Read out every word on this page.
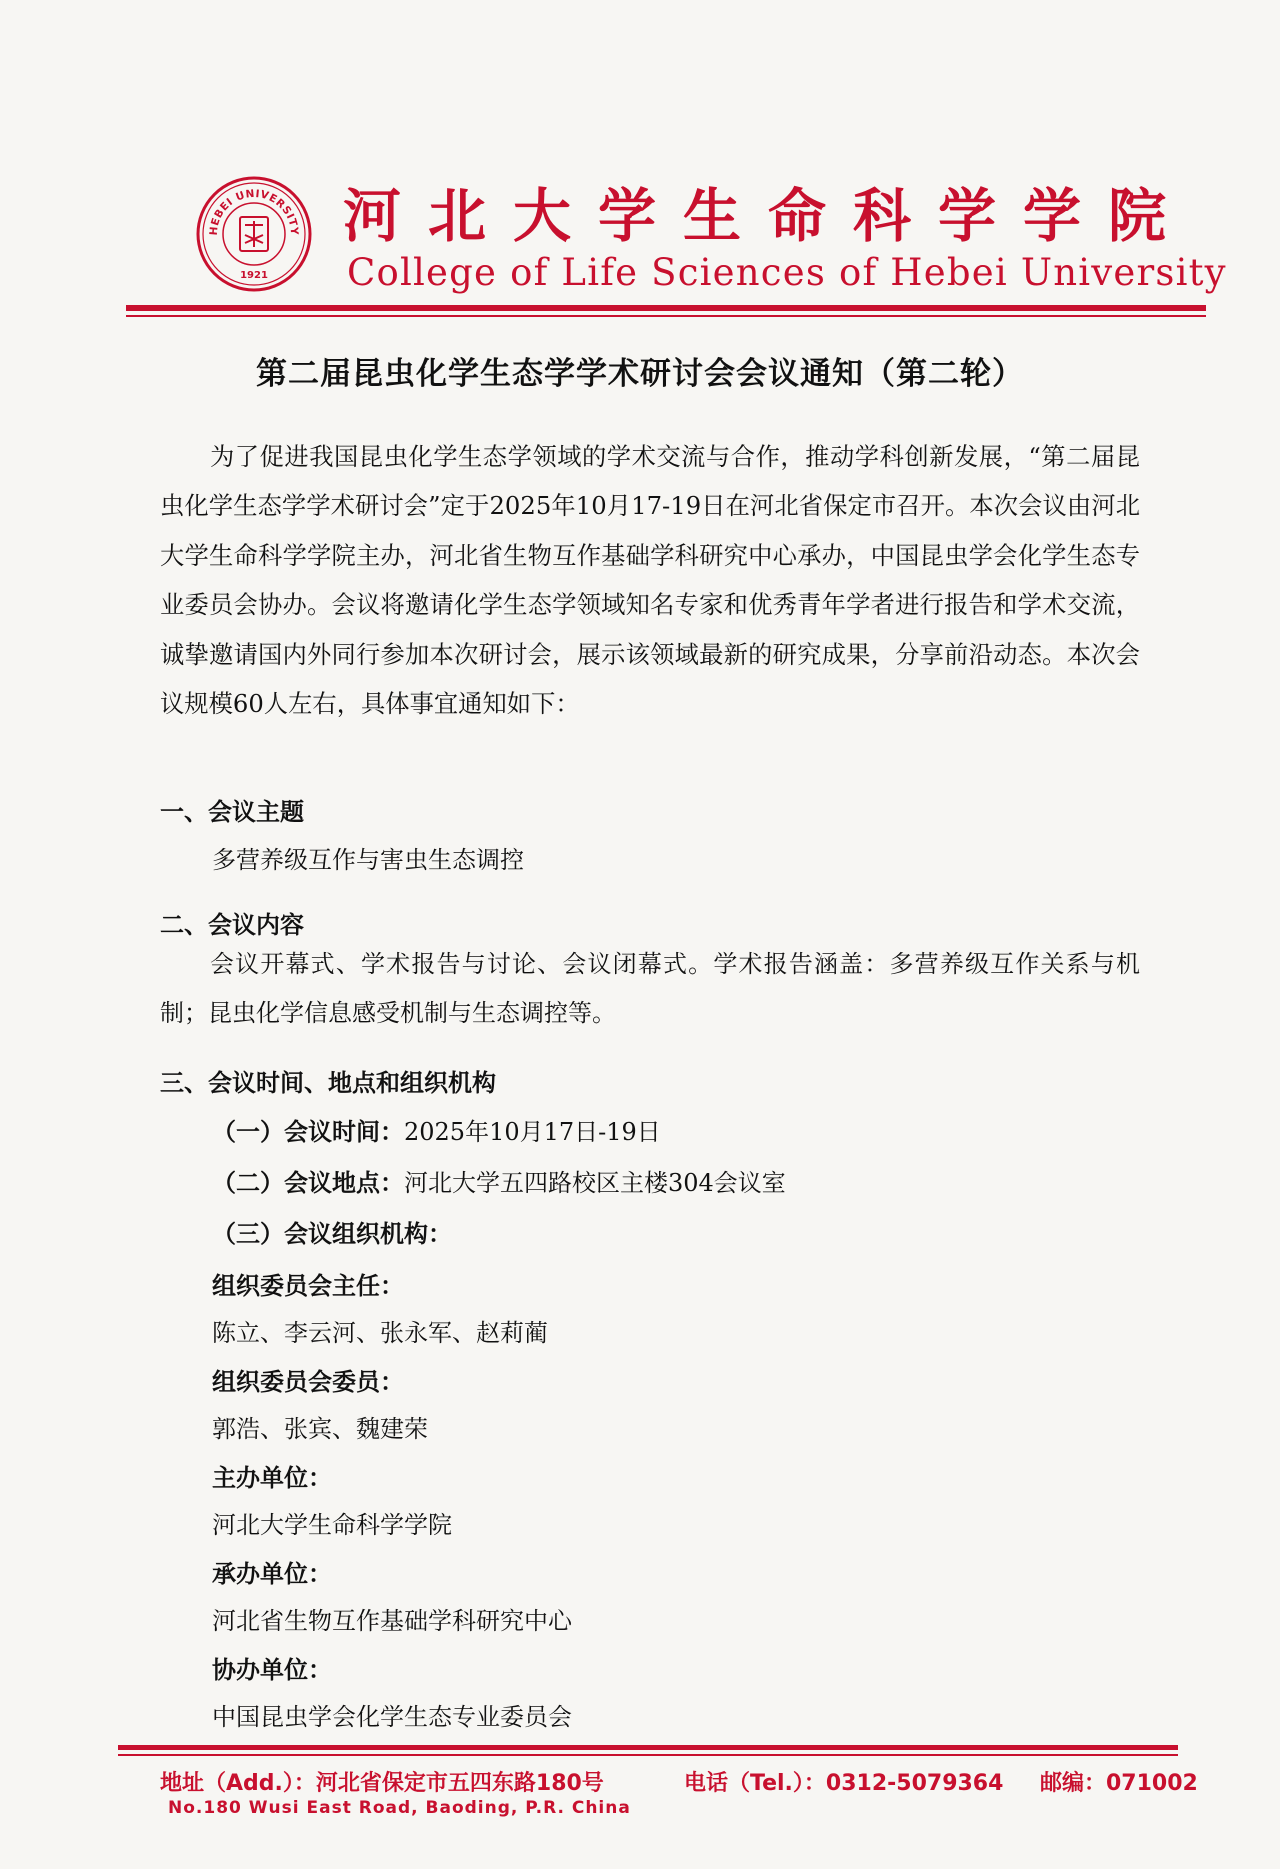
HEBEI UNIVERSITY
1921
河北大学生命科学学院
College of Life Sciences of Hebei University
第二届昆虫化学生态学学术研讨会会议通知（第二轮）
为了促进我国昆虫化学生态学领域的学术交流与合作，推动学科创新发展，“第二届昆虫化学生态学学术研讨会”定于2025年10月17-19日在河北省保定市召开。本次会议由河北大学生命科学学院主办，河北省生物互作基础学科研究中心承办，中国昆虫学会化学生态专业委员会协办。会议将邀请化学生态学领域知名专家和优秀青年学者进行报告和学术交流，诚挚邀请国内外同行参加本次研讨会，展示该领域最新的研究成果，分享前沿动态。本次会议规模60人左右，具体事宜通知如下：
一、会议主题
多营养级互作与害虫生态调控
二、会议内容
会议开幕式、学术报告与讨论、会议闭幕式。学术报告涵盖：多营养级互作关系与机制；昆虫化学信息感受机制与生态调控等。
三、会议时间、地点和组织机构
（一）会议时间：2025年10月17日-19日
（二）会议地点：河北大学五四路校区主楼304会议室
（三）会议组织机构：
组织委员会主任：
陈立、李云河、张永军、赵莉蔺
组织委员会委员：
郭浩、张宾、魏建荣
主办单位：
河北大学生命科学学院
承办单位：
河北省生物互作基础学科研究中心
协办单位：
中国昆虫学会化学生态专业委员会
地址（Add.）：河北省保定市五四东路180号
No.180 Wusi East Road, Baoding, P.R. China
电话（Tel.）：0312-5079364 邮编：071002
